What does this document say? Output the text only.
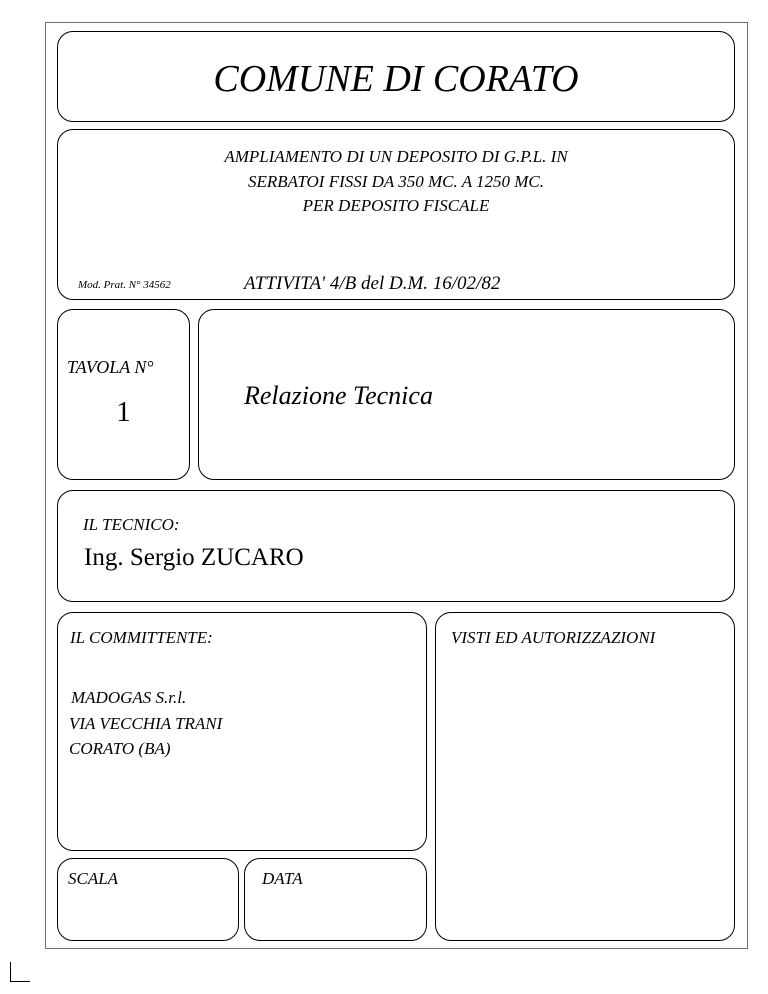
COMUNE DI CORATO
AMPLIAMENTO DI UN DEPOSITO DI G.P.L. IN
SERBATOI FISSI DA 350 MC. A 1250 MC.
PER DEPOSITO FISCALE
Mod. Prat. N° 34562	ATTIVITA' 4/B del D.M. 16/02/82
TAVOLA N°
1
Relazione Tecnica
IL TECNICO:
Ing. Sergio ZUCARO
IL COMMITTENTE:
MADOGAS S.r.l.
VIA VECCHIA TRANI
CORATO (BA)
VISTI ED AUTORIZZAZIONI
SCALA	DATA
